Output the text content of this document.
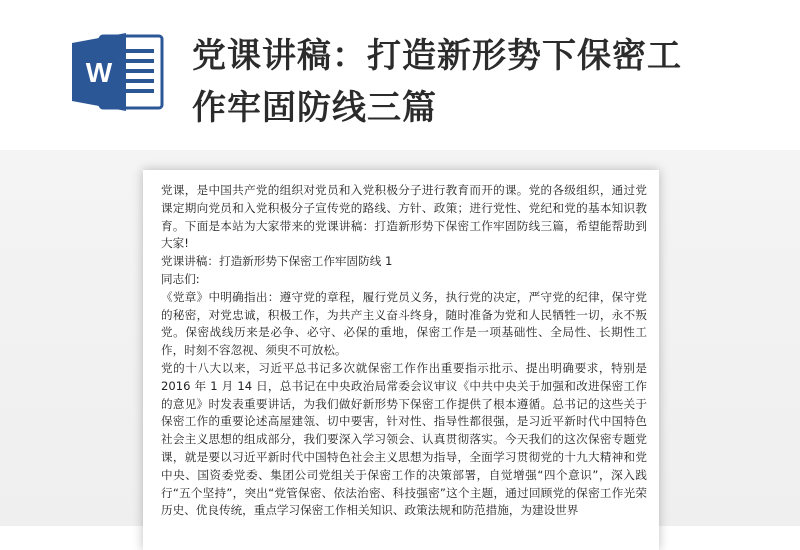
W 党课讲稿：打造新形势下保密工
作牢固防线三篇

党课，是中国共产党的组织对党员和入党积极分子进行教育而开的课。党的各级组织，通过党课定期向党员和入党积极分子宣传党的路线、方针、政策；进行党性、党纪和党的基本知识教育。下面是本站为大家带来的党课讲稿：打造新形势下保密工作牢固防线三篇，希望能帮助到大家!

党课讲稿：打造新形势下保密工作牢固防线 1

同志们:

《党章》中明确指出：遵守党的章程，履行党员义务，执行党的决定，严守党的纪律，保守党的秘密，对党忠诚，积极工作，为共产主义奋斗终身，随时准备为党和人民牺牲一切，永不叛党。保密战线历来是必争、必守、必保的重地，保密工作是一项基础性、全局性、长期性工作，时刻不容忽视、须臾不可放松。

党的十八大以来，习近平总书记多次就保密工作作出重要指示批示、提出明确要求，特别是 2016 年 1 月 14 日，总书记在中央政治局常委会议审议《中共中央关于加强和改进保密工作的意见》时发表重要讲话，为我们做好新形势下保密工作提供了根本遵循。总书记的这些关于保密工作的重要论述高屋建瓴、切中要害，针对性、指导性都很强，是习近平新时代中国特色社会主义思想的组成部分，我们要深入学习领会、认真贯彻落实。今天我们的这次保密专题党课，就是要以习近平新时代中国特色社会主义思想为指导，全面学习贯彻党的十九大精神和党中央、国资委党委、集团公司党组关于保密工作的决策部署，自觉增强“四个意识”，深入践行“五个坚持”，突出“党管保密、依法治密、科技强密”这个主题，通过回顾党的保密工作光荣历史、优良传统，重点学习保密工作相关知识、政策法规和防范措施，为建设世界
